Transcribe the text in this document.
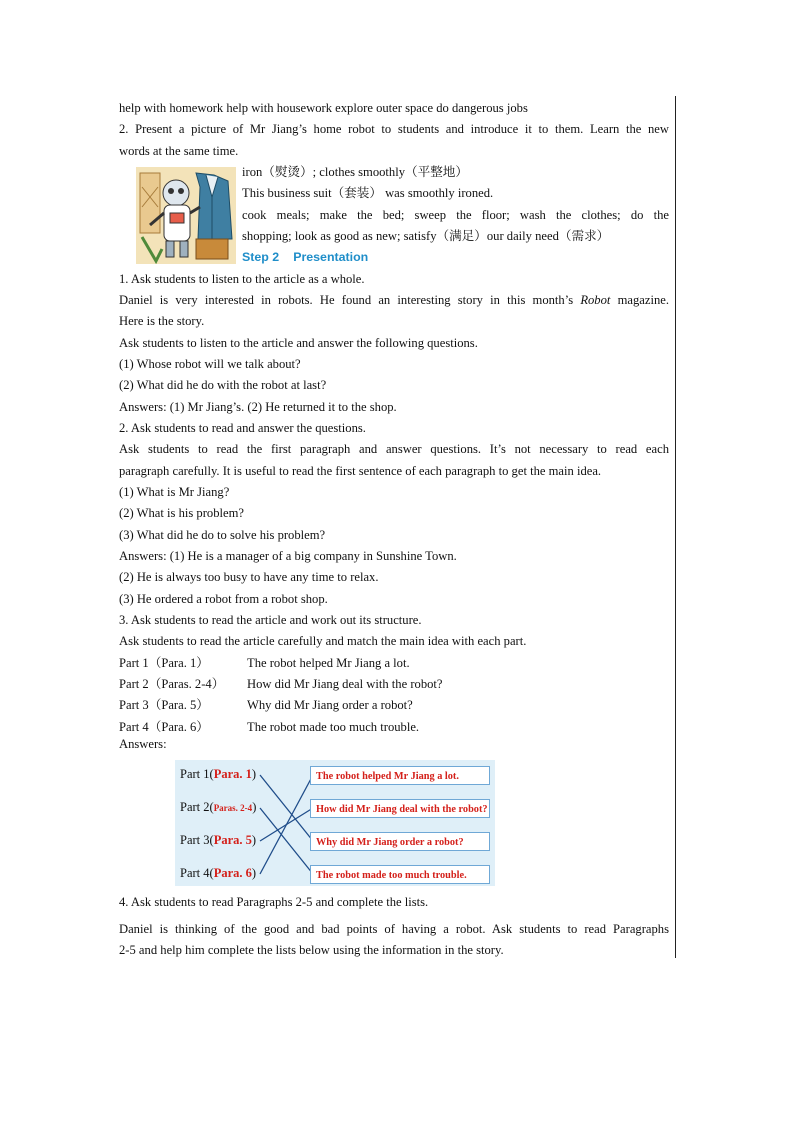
help with homework help with housework explore outer space do dangerous jobs
2. Present a picture of Mr Jiang’s home robot to students and introduce it to them. Learn the new
words at the same time.
iron（熨烫）; clothes smoothly（平整地）
This business suit（套装） was smoothly ironed.
cook meals; make the bed; sweep the floor; wash the clothes; do the
shopping; look as good as new; satisfy（满足）our daily need（需求）
Step 2 Presentation
1. Ask students to listen to the article as a whole.
Daniel is very interested in robots. He found an interesting story in this month’s Robot magazine.
Here is the story.
Ask students to listen to the article and answer the following questions.
(1) Whose robot will we talk about?
(2) What did he do with the robot at last?
Answers: (1) Mr Jiang’s. (2) He returned it to the shop.
2. Ask students to read and answer the questions.
Ask students to read the first paragraph and answer questions. It’s not necessary to read each
paragraph carefully. It is useful to read the first sentence of each paragraph to get the main idea.
(1) What is Mr Jiang?
(2) What is his problem?
(3) What did he do to solve his problem?
Answers: (1) He is a manager of a big company in Sunshine Town.
(2) He is always too busy to have any time to relax.
(3) He ordered a robot from a robot shop.
3. Ask students to read the article and work out its structure.
Ask students to read the article carefully and match the main idea with each part.
Part 1（Para. 1）	The robot helped Mr Jiang a lot.
Part 2（Paras. 2-4） How did Mr Jiang deal with the robot?
Part 3（Para. 5）	Why did Mr Jiang order a robot?
Part 4（Para. 6）	The robot made too much trouble.
Answers:
Part 1(Para. 1)
Part 2(Paras. 2-4)
Part 3(Para. 5)
Part 4(Para. 6)
The robot helped Mr Jiang a lot.
How did Mr Jiang deal with the robot?
Why did Mr Jiang order a robot?
The robot made too much trouble.
4. Ask students to read Paragraphs 2-5 and complete the lists.
Daniel is thinking of the good and bad points of having a robot. Ask students to read Paragraphs
2-5 and help him complete the lists below using the information in the story.
